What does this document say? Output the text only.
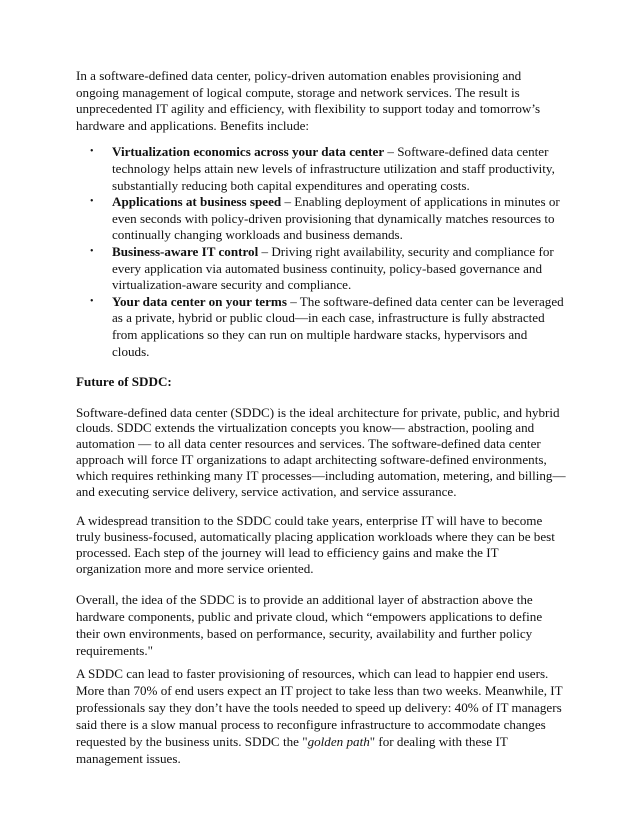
In a software-defined data center, policy-driven automation enables provisioning and ongoing management of logical compute, storage and network services. The result is unprecedented IT agility and efficiency, with flexibility to support today and tomorrow’s hardware and applications. Benefits include:

• Virtualization economics across your data center – Software-defined data center technology helps attain new levels of infrastructure utilization and staff productivity, substantially reducing both capital expenditures and operating costs.
• Applications at business speed – Enabling deployment of applications in minutes or even seconds with policy-driven provisioning that dynamically matches resources to continually changing workloads and business demands.
• Business-aware IT control – Driving right availability, security and compliance for every application via automated business continuity, policy-based governance and virtualization-aware security and compliance.
• Your data center on your terms – The software-defined data center can be leveraged as a private, hybrid or public cloud—in each case, infrastructure is fully abstracted from applications so they can run on multiple hardware stacks, hypervisors and clouds.

Future of SDDC:

Software-defined data center (SDDC) is the ideal architecture for private, public, and hybrid clouds. SDDC extends the virtualization concepts you know— abstraction, pooling and automation — to all data center resources and services. The software-defined data center approach will force IT organizations to adapt architecting software-defined environments, which requires rethinking many IT processes—including automation, metering, and billing—and executing service delivery, service activation, and service assurance.

A widespread transition to the SDDC could take years, enterprise IT will have to become truly business-focused, automatically placing application workloads where they can be best processed. Each step of the journey will lead to efficiency gains and make the IT organization more and more service oriented.

Overall, the idea of the SDDC is to provide an additional layer of abstraction above the hardware components, public and private cloud, which “empowers applications to define their own environments, based on performance, security, availability and further policy requirements."

A SDDC can lead to faster provisioning of resources, which can lead to happier end users. More than 70% of end users expect an IT project to take less than two weeks. Meanwhile, IT professionals say they don’t have the tools needed to speed up delivery: 40% of IT managers said there is a slow manual process to reconfigure infrastructure to accommodate changes requested by the business units. SDDC the "golden path" for dealing with these IT management issues.
